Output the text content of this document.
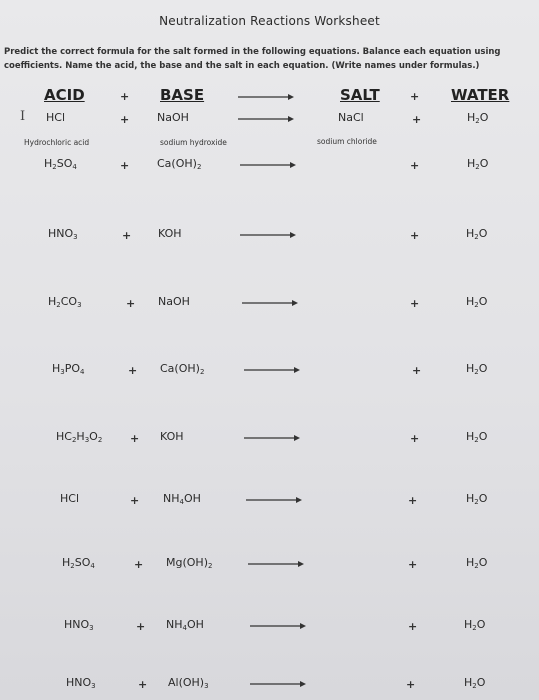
Neutralization Reactions Worksheet
Predict the correct formula for the salt formed in the following equations. Balance each equation using
coefficients. Name the acid, the base and the salt in each equation. (Write names under formulas.)
ACID	+ BASE	SALT	+ WATER
I HCl	+	NaOH	NaCl	+	$H_2O$
Hydrochloric acid	sodium hydroxide	sodium chloride
$H_2SO_4$	+	$Ca(OH)_2$	+	$H_2O$
$HNO_3$	+ KOH	+	$H_2O$
$H_2CO_3$	+ NaOH	+	$H_2O$
$H_3PO_4$	+ $Ca(OH)_2$	+	$H_2O$
$HC_2H_3O_2$	+ KOH	+	$H_2O$
HCl	+ $NH_4OH$	+	$H_2O$
$H_2SO_4$	+ $Mg(OH)_2$	+	$H_2O$
$HNO_3$	+ $NH_4OH$	+	$H_2O$
$HNO_3$	+ $Al(OH)_3$	+	$H_2O$
